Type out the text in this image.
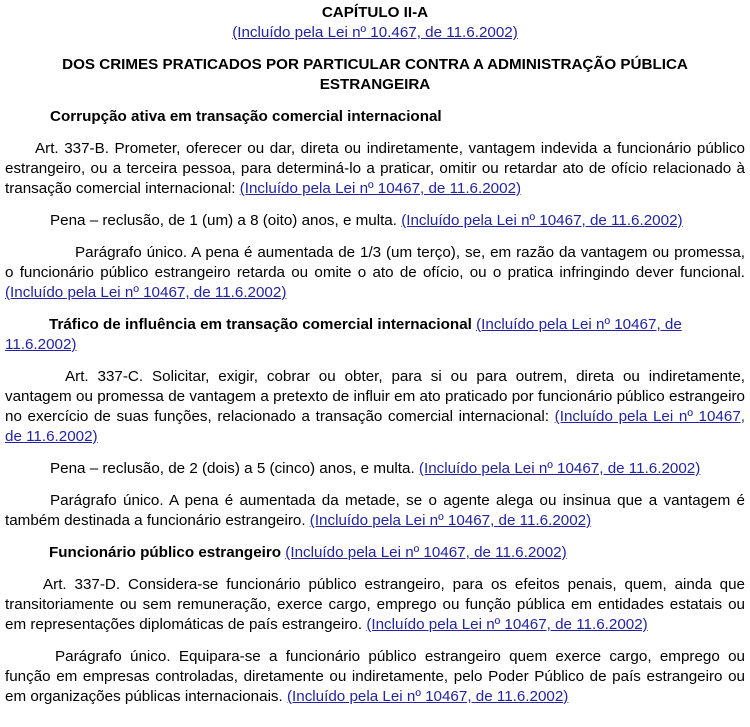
CAPÍTULO II-A

(Incluído pela Lei nº 10.467, de 11.6.2002)

DOS CRIMES PRATICADOS POR PARTICULAR CONTRA A ADMINISTRAÇÃO PÚBLICA ESTRANGEIRA

Corrupção ativa em transação comercial internacional

Art. 337-B. Prometer, oferecer ou dar, direta ou indiretamente, vantagem indevida a funcionário público estrangeiro, ou a terceira pessoa, para determiná-lo a praticar, omitir ou retardar ato de ofício relacionado à transação comercial internacional: (Incluído pela Lei nº 10467, de 11.6.2002)

Pena – reclusão, de 1 (um) a 8 (oito) anos, e multa. (Incluído pela Lei nº 10467, de 11.6.2002)

Parágrafo único. A pena é aumentada de 1/3 (um terço), se, em razão da vantagem ou promessa, o funcionário público estrangeiro retarda ou omite o ato de ofício, ou o pratica infringindo dever funcional. (Incluído pela Lei nº 10467, de 11.6.2002)

Tráfico de influência em transação comercial internacional (Incluído pela Lei nº 10467, de 11.6.2002)

Art. 337-C. Solicitar, exigir, cobrar ou obter, para si ou para outrem, direta ou indiretamente, vantagem ou promessa de vantagem a pretexto de influir em ato praticado por funcionário público estrangeiro no exercício de suas funções, relacionado a transação comercial internacional: (Incluído pela Lei nº 10467, de 11.6.2002)

Pena – reclusão, de 2 (dois) a 5 (cinco) anos, e multa. (Incluído pela Lei nº 10467, de 11.6.2002)

Parágrafo único. A pena é aumentada da metade, se o agente alega ou insinua que a vantagem é também destinada a funcionário estrangeiro. (Incluído pela Lei nº 10467, de 11.6.2002)

Funcionário público estrangeiro (Incluído pela Lei nº 10467, de 11.6.2002)

Art. 337-D. Considera-se funcionário público estrangeiro, para os efeitos penais, quem, ainda que transitoriamente ou sem remuneração, exerce cargo, emprego ou função pública em entidades estatais ou em representações diplomáticas de país estrangeiro. (Incluído pela Lei nº 10467, de 11.6.2002)

Parágrafo único. Equipara-se a funcionário público estrangeiro quem exerce cargo, emprego ou função em empresas controladas, diretamente ou indiretamente, pelo Poder Público de país estrangeiro ou em organizações públicas internacionais. (Incluído pela Lei nº 10467, de 11.6.2002)
